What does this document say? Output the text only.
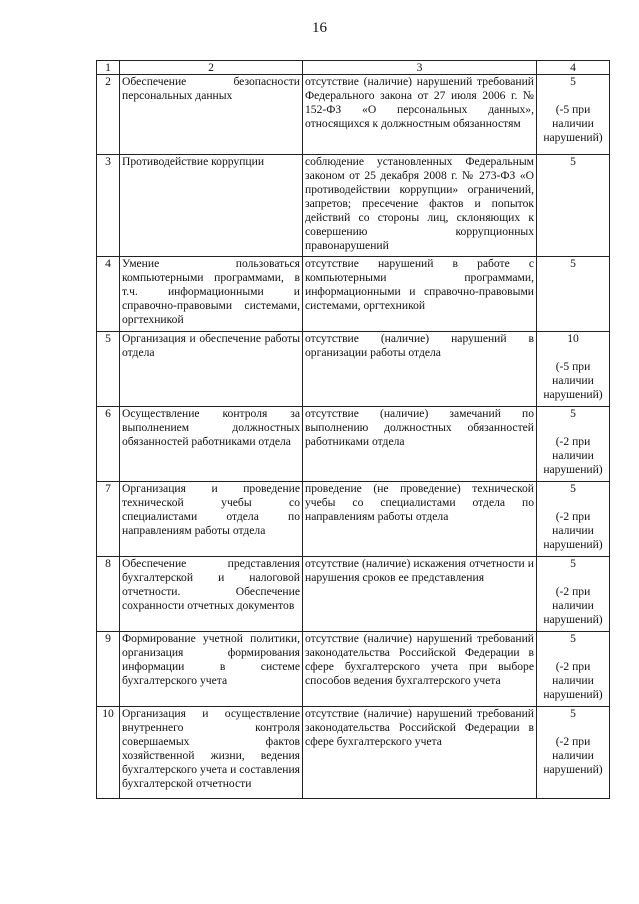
16
1	2	3	4
2	Обеспечение безопасности персональных данных	отсутствие (наличие) нарушений требований Федерального закона от 27 июля 2006 г. № 152-ФЗ «О персональных данных», относящихся к должностным обязанностям	5
(-5 при наличии нарушений)

3	Противодействие коррупции	соблюдение установленных Федеральным законом от 25 декабря 2008 г. № 273-ФЗ «О противодействии коррупции» ограничений, запретов; пресечение фактов и попыток действий со стороны лиц, склоняющих к совершению коррупционных правонарушений	5

4	Умение пользоваться компьютерными программами, в т.ч. информационными и справочно-правовыми системами, оргтехникой	отсутствие нарушений в работе с компьютерными программами, информационными и справочно-правовыми системами, оргтехникой	5

5	Организация и обеспечение работы отдела	отсутствие (наличие) нарушений в организации работы отдела	10
(-5 при наличии нарушений)

6	Осуществление контроля за выполнением должностных обязанностей работниками отдела	отсутствие (наличие) замечаний по выполнению должностных обязанностей работниками отдела	5
(-2 при наличии нарушений)

7	Организация и проведение технической учебы со специалистами отдела по направлениям работы отдела	проведение (не проведение) технической учебы со специалистами отдела по направлениям работы отдела	5
(-2 при наличии нарушений)

8	Обеспечение представления бухгалтерской и налоговой отчетности. Обеспечение сохранности отчетных документов	отсутствие (наличие) искажения отчетности и нарушения сроков ее представления	5
(-2 при наличии нарушений)

9	Формирование учетной политики, организация формирования информации в системе бухгалтерского учета	отсутствие (наличие) нарушений требований законодательства Российской Федерации в сфере бухгалтерского учета при выборе способов ведения бухгалтерского учета	5
(-2 при наличии нарушений)

10	Организация и осуществление внутреннего контроля совершаемых фактов хозяйственной жизни, ведения бухгалтерского учета и составления бухгалтерской отчетности	отсутствие (наличие) нарушений требований законодательства Российской Федерации в сфере бухгалтерского учета	5
(-2 при наличии нарушений)
